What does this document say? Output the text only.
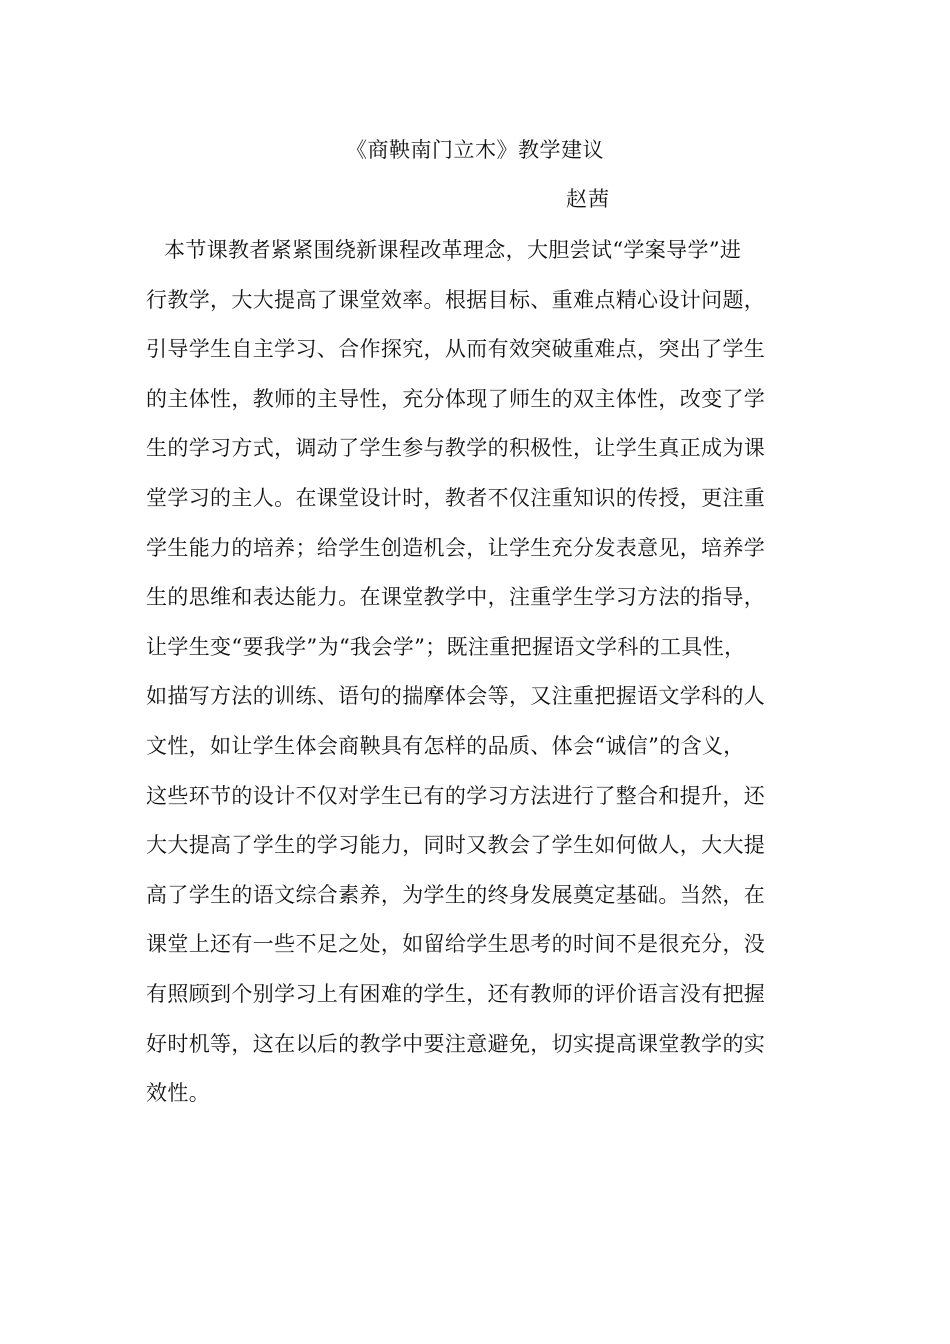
《商鞅南门立木》教学建议
赵茜
本节课教者紧紧围绕新课程改革理念，大胆尝试“学案导学”进
行教学，大大提高了课堂效率。根据目标、重难点精心设计问题，
引导学生自主学习、合作探究，从而有效突破重难点，突出了学生
的主体性，教师的主导性，充分体现了师生的双主体性，改变了学
生的学习方式，调动了学生参与教学的积极性，让学生真正成为课
堂学习的主人。在课堂设计时，教者不仅注重知识的传授，更注重
学生能力的培养；给学生创造机会，让学生充分发表意见，培养学
生的思维和表达能力。在课堂教学中，注重学生学习方法的指导，
让学生变“要我学”为“我会学”；既注重把握语文学科的工具性，
如描写方法的训练、语句的揣摩体会等，又注重把握语文学科的人
文性，如让学生体会商鞅具有怎样的品质、体会“诚信”的含义，
这些环节的设计不仅对学生已有的学习方法进行了整合和提升，还
大大提高了学生的学习能力，同时又教会了学生如何做人，大大提
高了学生的语文综合素养，为学生的终身发展奠定基础。当然，在
课堂上还有一些不足之处，如留给学生思考的时间不是很充分，没
有照顾到个别学习上有困难的学生，还有教师的评价语言没有把握
好时机等，这在以后的教学中要注意避免，切实提高课堂教学的实
效性。
